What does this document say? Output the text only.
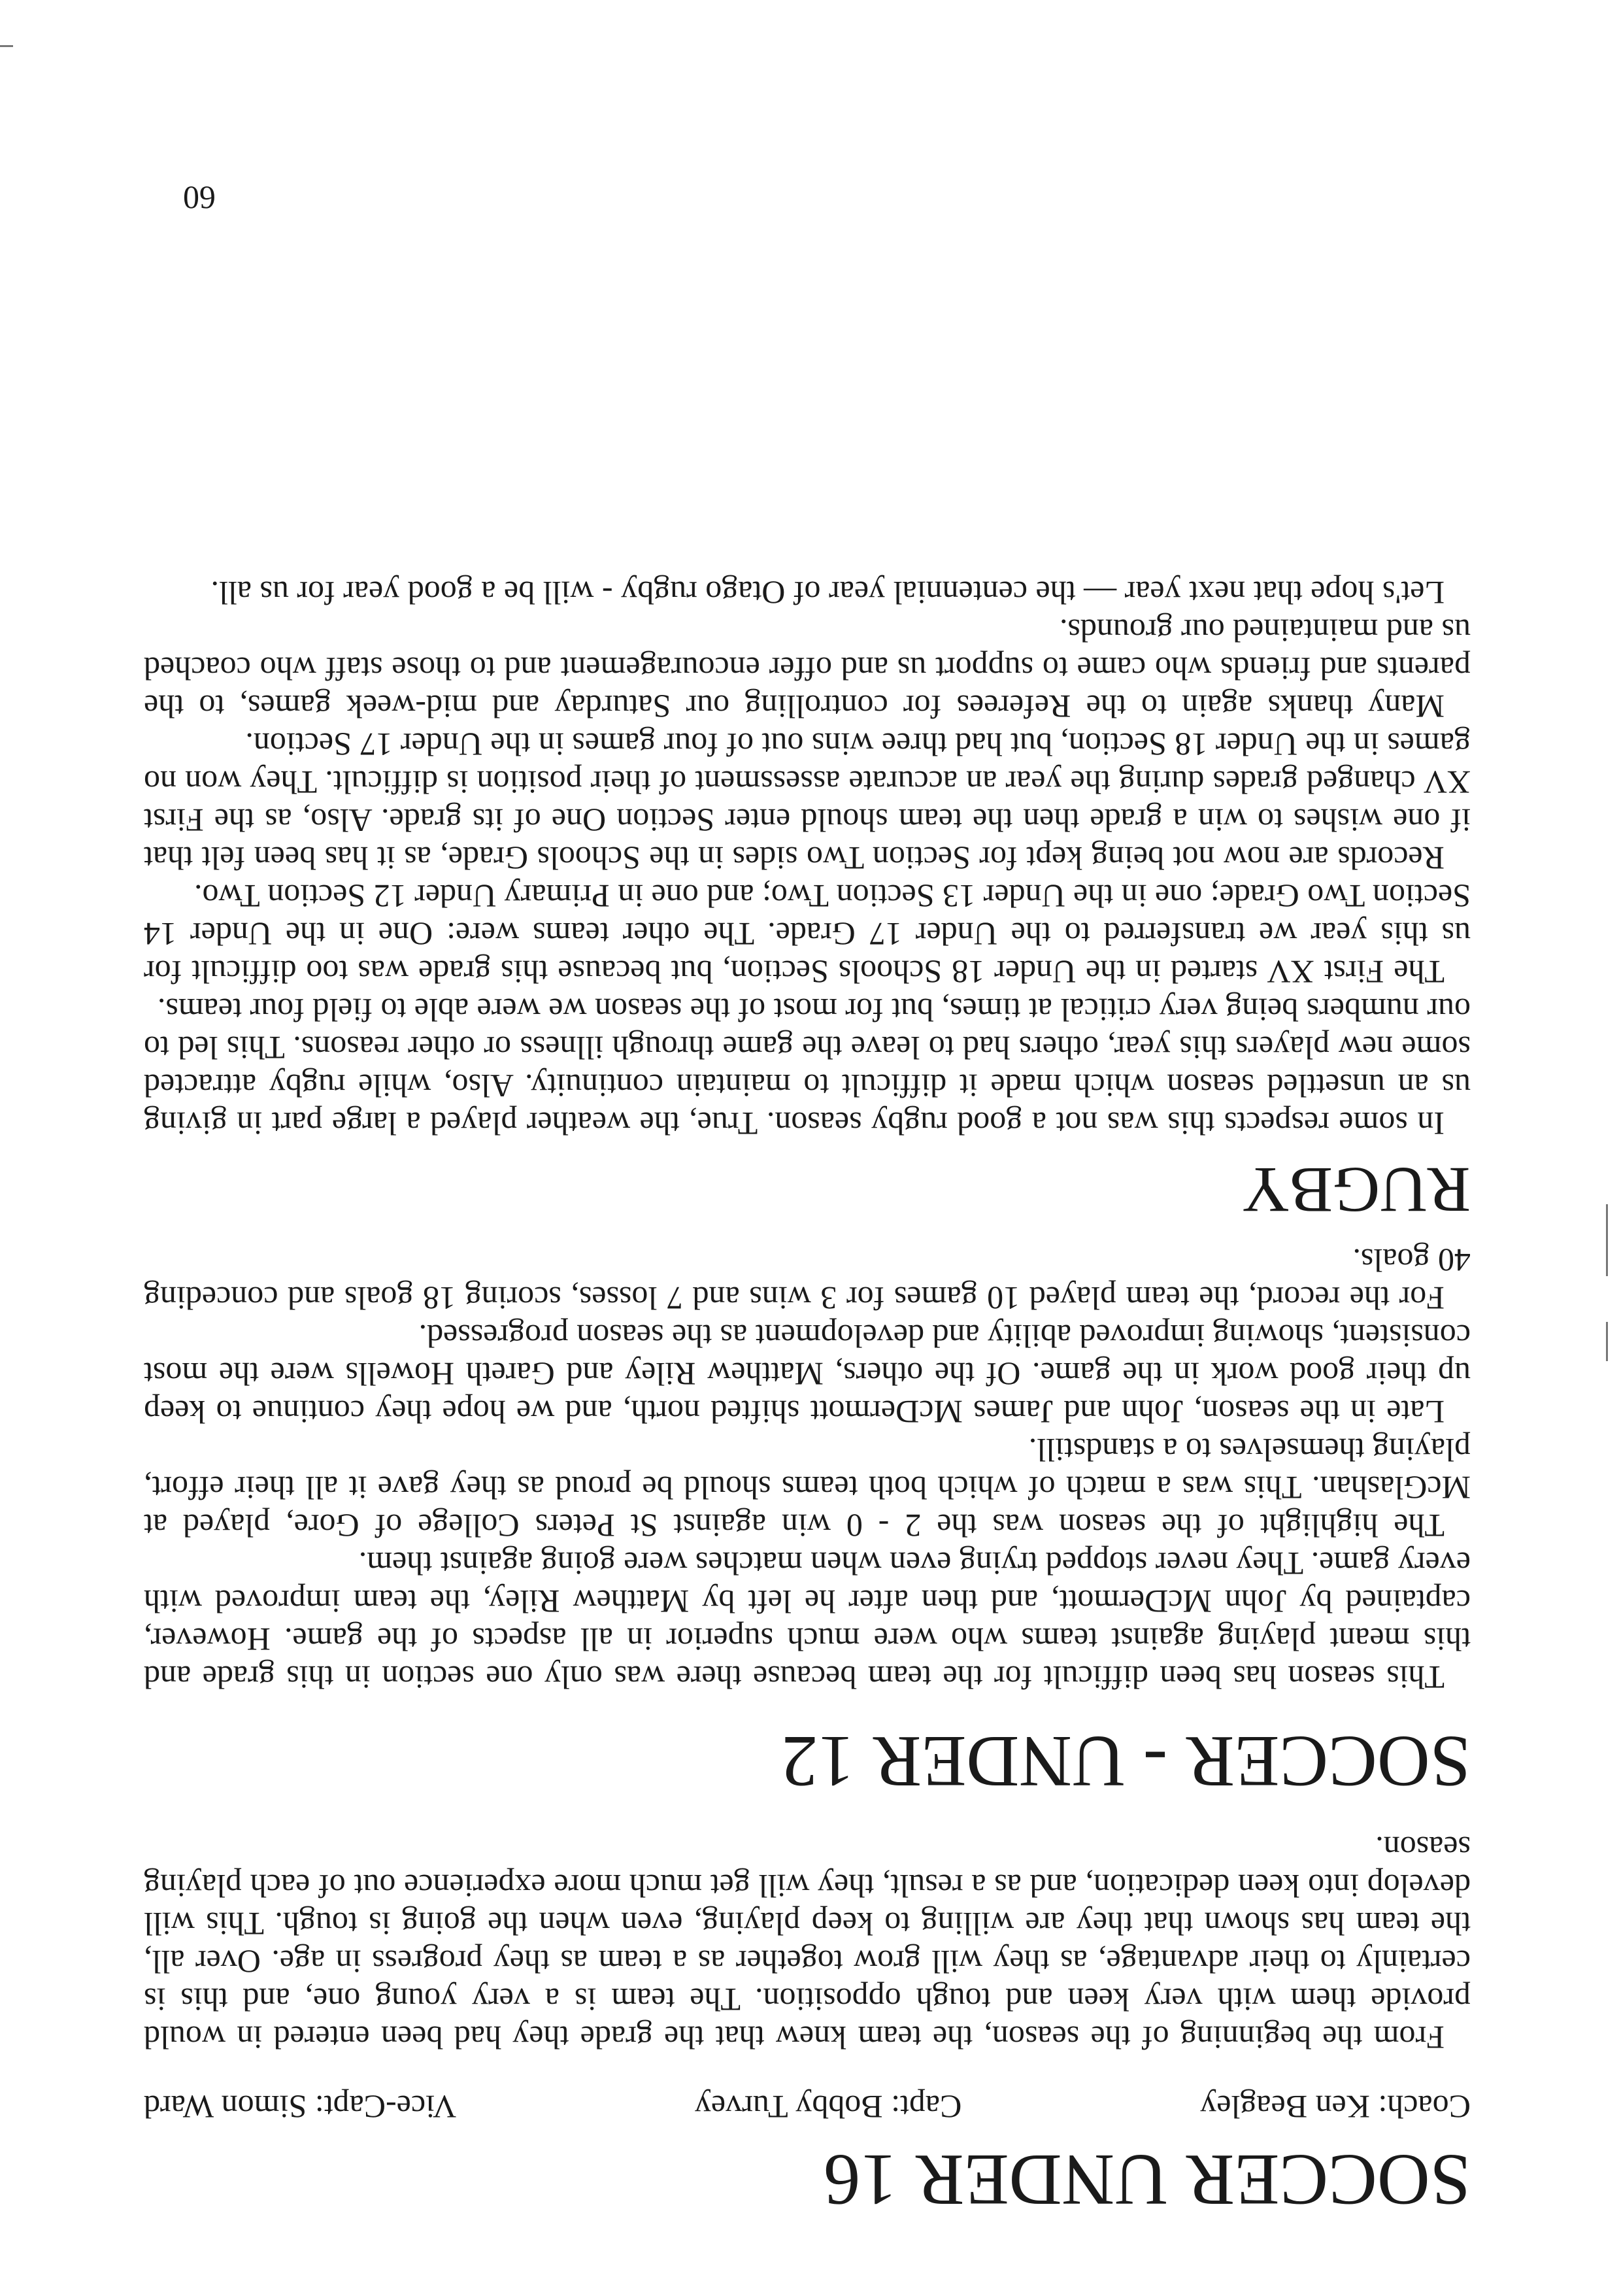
SOCCER UNDER 16
Coach: Ken Beagley
Capt: Bobby Turvey
Vice-Capt: Simon Ward

From the beginning of the season, the team knew that the grade they had been entered in would provide them with very keen and tough opposition. The team is a very young one, and this is certainly to their advantage, as they will grow together as a team as they progress in age. Over all, the team has shown that they are willing to keep playing, even when the going is tough. This will develop into keen dedication, and as a result, they will get much more experience out of each playing season.

SOCCER - UNDER 12

This season has been difficult for the team because there was only one section in this grade and this meant playing against teams who were much superior in all aspects of the game. However, captained by John McDermott, and then after he left by Matthew Riley, the team improved with every game. They never stopped trying even when matches were going against them.

The highlight of the season was the 2 - 0 win against St Peters College of Gore, played at McGlashan. This was a match of which both teams should be proud as they gave it all their effort, playing themselves to a standstill.

Late in the season, John and James McDermott shifted north, and we hope they continue to keep up their good work in the game. Of the others, Matthew Riley and Gareth Howells were the most consistent, showing improved ability and development as the season progressed.

For the record, the team played 10 games for 3 wins and 7 losses, scoring 18 goals and conceding 40 goals.

RUGBY

In some respects this was not a good rugby season. True, the weather played a large part in giving us an unsettled season which made it difficult to maintain continuity. Also, while rugby attracted some new players this year, others had to leave the game through illness or other reasons. This led to our numbers being very critical at times, but for most of the season we were able to field four teams.

The First XV started in the Under 18 Schools Section, but because this grade was too difficult for us this year we transferred to the Under 17 Grade. The other teams were: One in the Under 14 Section Two Grade; one in the Under 13 Section Two; and one in Primary Under 12 Section Two.

Records are now not being kept for Section Two sides in the Schools Grade, as it has been felt that if one wishes to win a grade then the team should enter Section One of its grade. Also, as the First XV changed grades during the year an accurate assessment of their position is difficult. They won no games in the Under 18 Section, but had three wins out of four games in the Under 17 Section.

Many thanks again to the Referees for controlling our Saturday and mid-week games, to the parents and friends who came to support us and offer encouragement and to those staff who coached us and maintained our grounds.

Let's hope that next year — the centennial year of Otago rugby - will be a good year for us all.

60
